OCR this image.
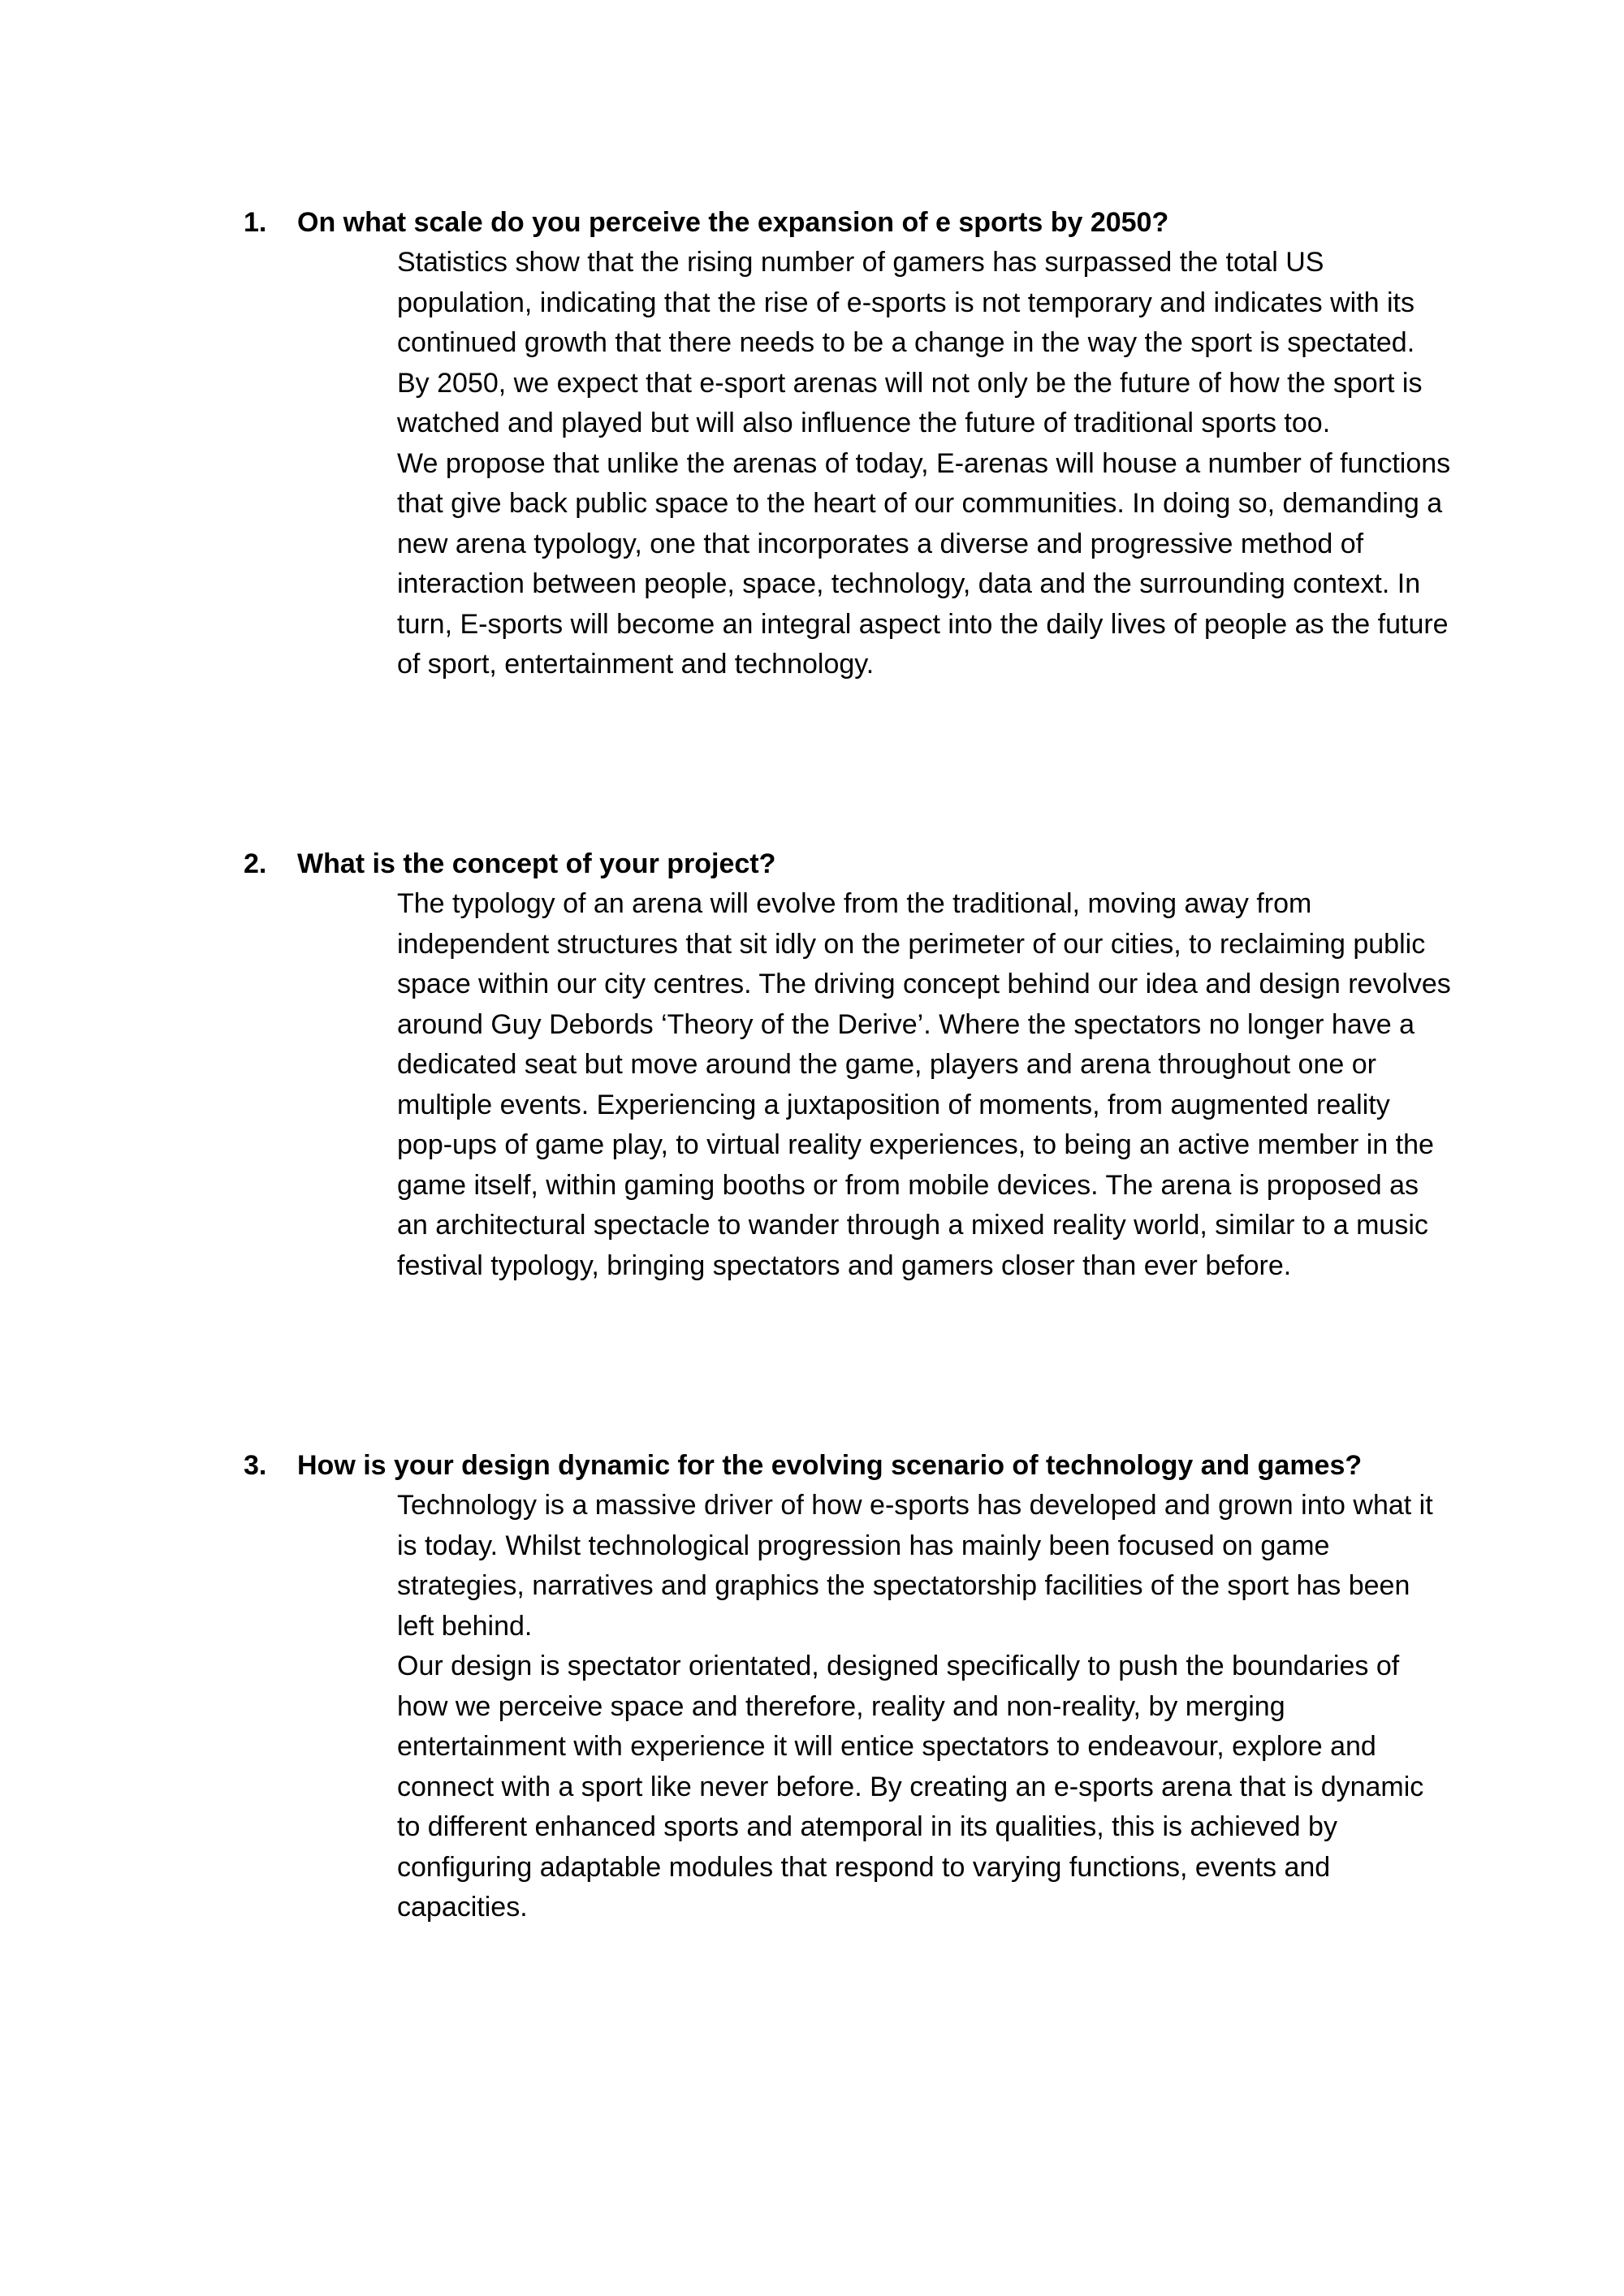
1.	On what scale do you perceive the expansion of e sports by 2050?

Statistics show that the rising number of gamers has surpassed the total US population, indicating that the rise of e-sports is not temporary and indicates with its continued growth that there needs to be a change in the way the sport is spectated. By 2050, we expect that e-sport arenas will not only be the future of how the sport is watched and played but will also influence the future of traditional sports too.

We propose that unlike the arenas of today, E-arenas will house a number of functions that give back public space to the heart of our communities. In doing so, demanding a new arena typology, one that incorporates a diverse and progressive method of interaction between people, space, technology, data and the surrounding context. In turn, E-sports will become an integral aspect into the daily lives of people as the future of sport, entertainment and technology.

2.	What is the concept of your project?

The typology of an arena will evolve from the traditional, moving away from independent structures that sit idly on the perimeter of our cities, to reclaiming public space within our city centres. The driving concept behind our idea and design revolves around Guy Debords ‘Theory of the Derive’. Where the spectators no longer have a dedicated seat but move around the game, players and arena throughout one or multiple events. Experiencing a juxtaposition of moments, from augmented reality pop-ups of game play, to virtual reality experiences, to being an active member in the game itself, within gaming booths or from mobile devices. The arena is proposed as an architectural spectacle to wander through a mixed reality world, similar to a music festival typology, bringing spectators and gamers closer than ever before.

3.	How is your design dynamic for the evolving scenario of technology and games?

Technology is a massive driver of how e-sports has developed and grown into what it is today. Whilst technological progression has mainly been focused on game strategies, narratives and graphics the spectatorship facilities of the sport has been left behind.

Our design is spectator orientated, designed specifically to push the boundaries of how we perceive space and therefore, reality and non-reality, by merging entertainment with experience it will entice spectators to endeavour, explore and connect with a sport like never before. By creating an e-sports arena that is dynamic to different enhanced sports and atemporal in its qualities, this is achieved by configuring adaptable modules that respond to varying functions, events and capacities.
